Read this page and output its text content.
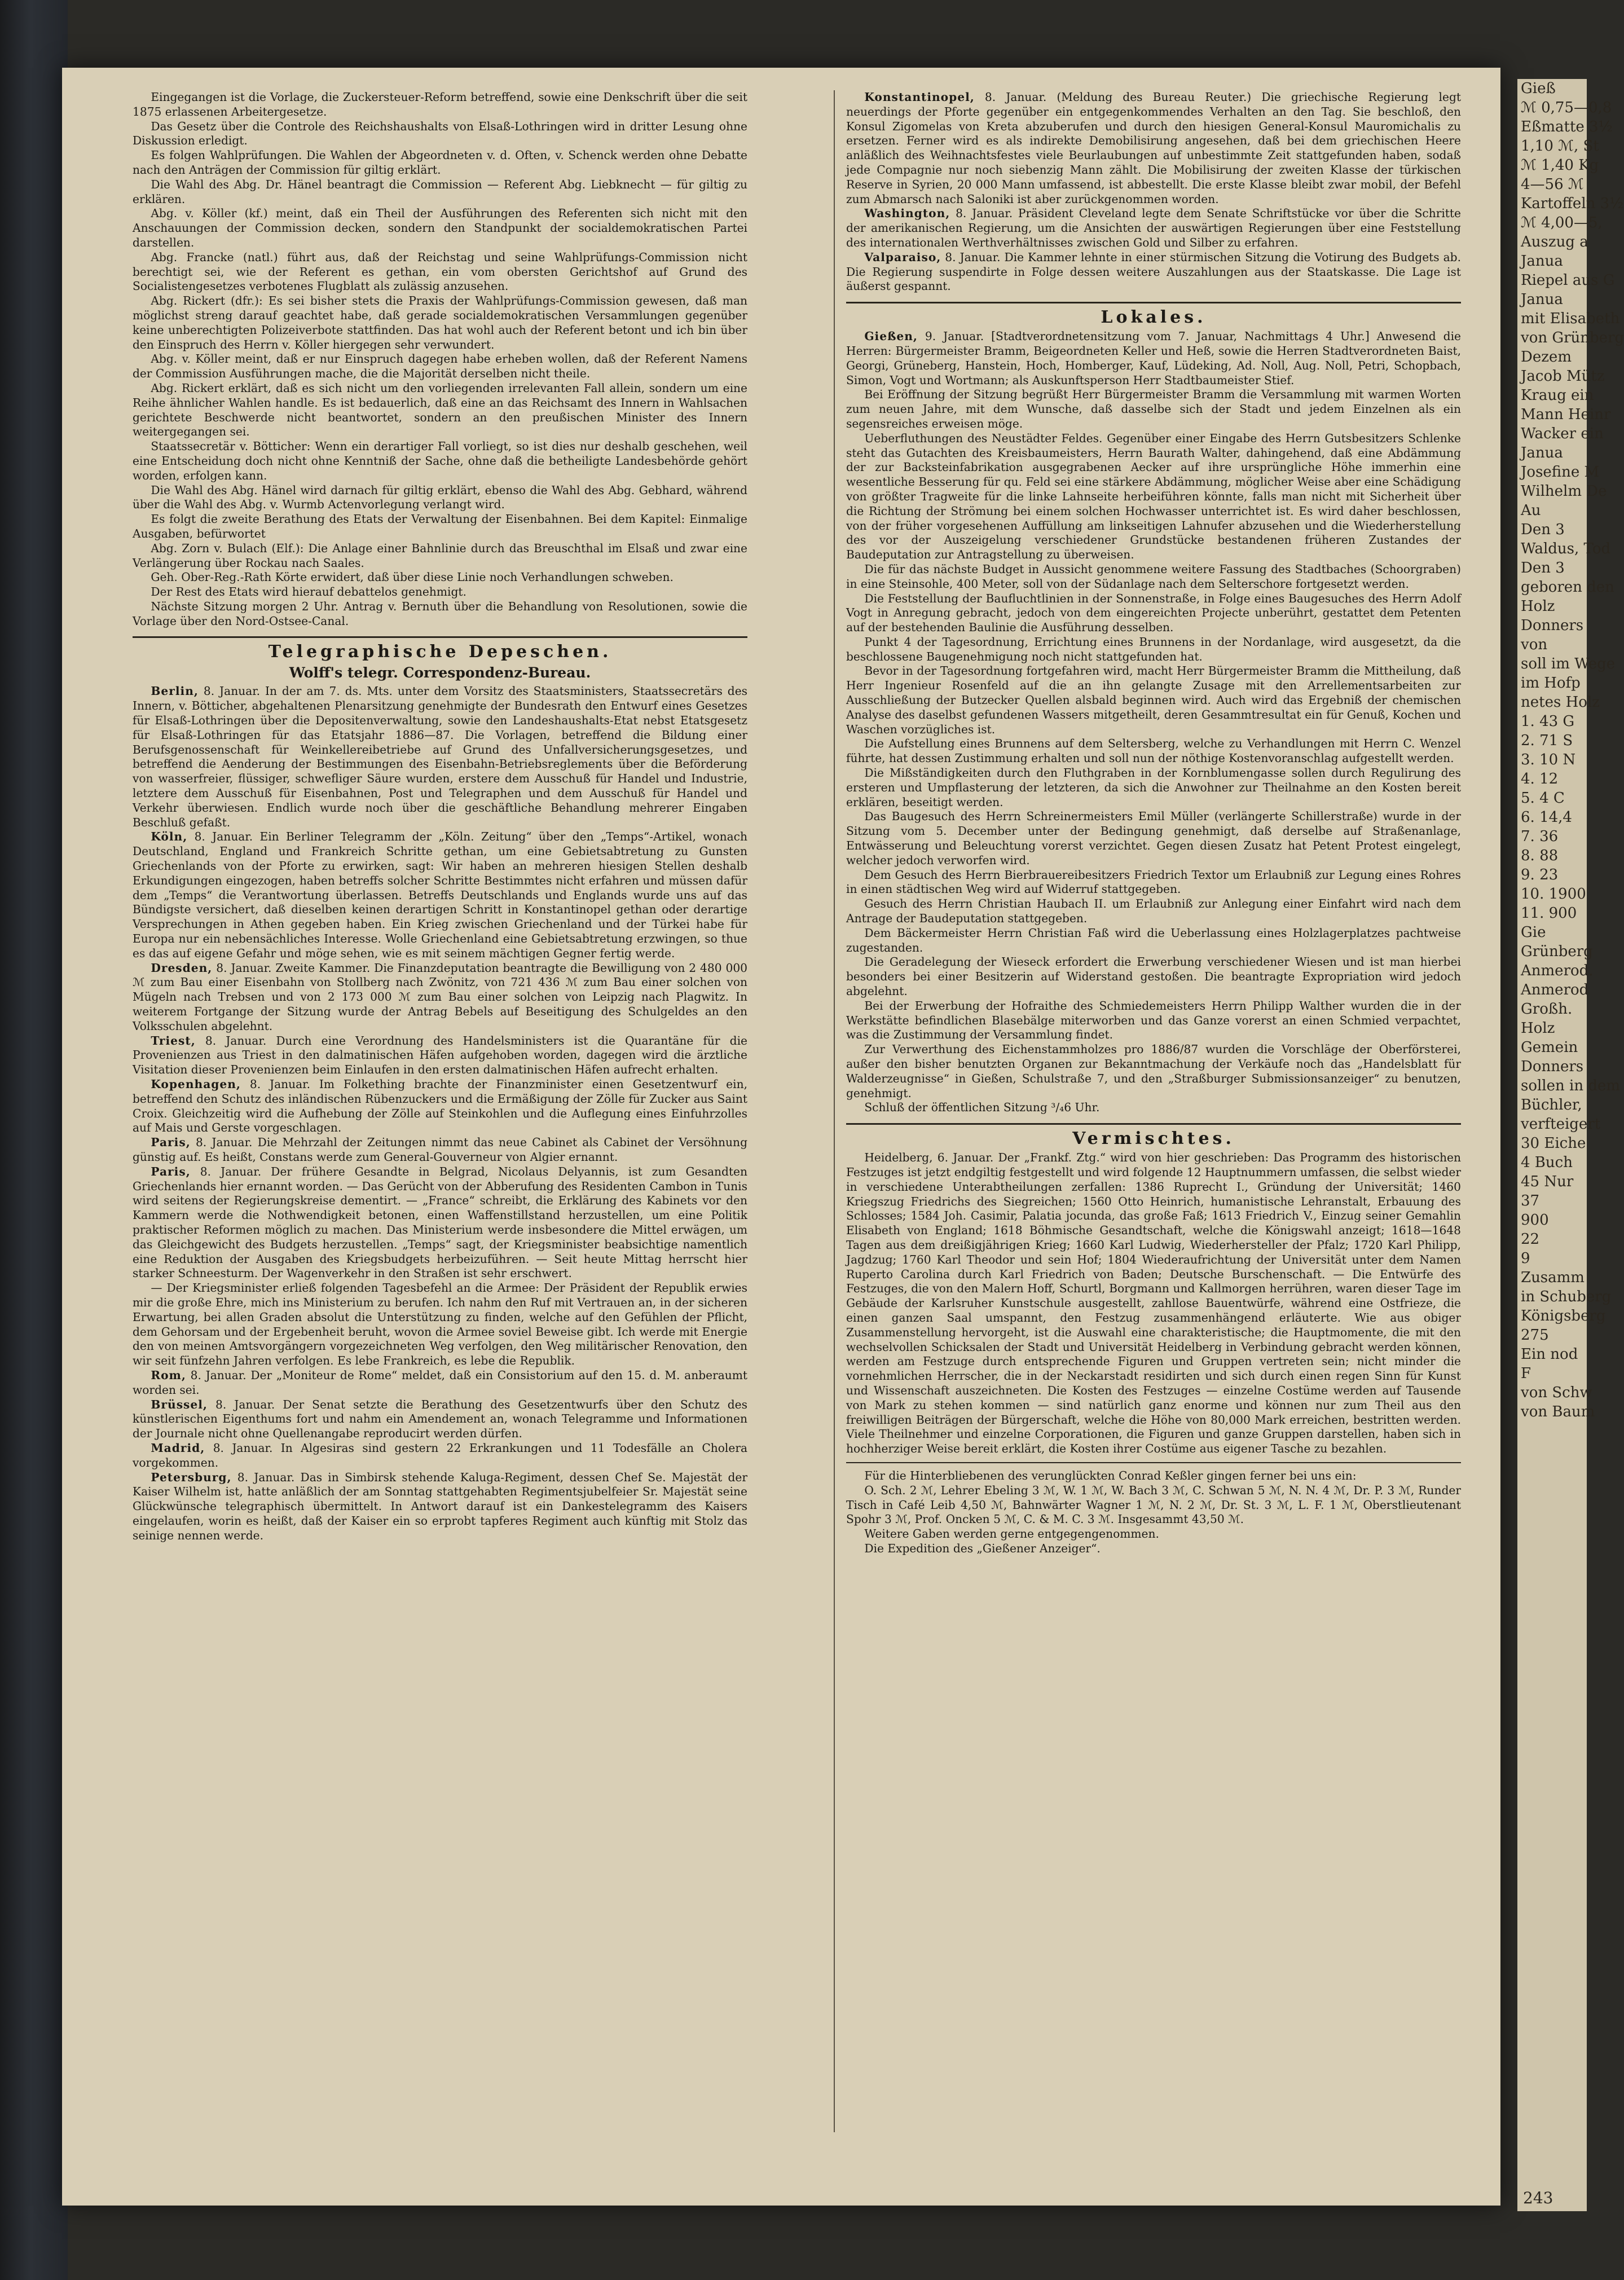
Gieß
ℳ 0,75—0,8
Eßmatte 3½
1,10 ℳ, St
ℳ 1,40 Kg
4—56 ℳ
Kartoffeln 3½
ℳ 4,00—5,
Auszug a
Janua
Riepel aus G
Janua
mit Elisabeth
von Grünberg
Dezem
Jacob Mütz
Kraug ein
Mann Heinr
Wacker ein
Janua
Josefine M
Wilhelm De
Au
Den 3
Waldus, Tod
Den 3
geboren den
Holz
Donners
von
soll im Wege
im Hofp
netes Holz
1. 43 G
2. 71 S
3. 10 N
4. 12
5. 4 C
6. 14,4
7. 36
8. 88
9. 23
10. 1900
11. 900
Gie
Grünberg
Anmerod.
Anmerod
Großh.
Holz
Gemein
Donners
sollen in dem
Büchler,
verfteigert
30 Eiche
4 Buch
45 Nur
37
900
22
9
Zusamm
in Schuberg
Königsberg
275
Ein nod
F
von Schw
von Baum

Eingegangen ist die Vorlage, die Zuckersteuer-Reform betreffend, sowie eine Denkschrift über die seit 1875 erlassenen Arbeitergesetze.

Das Gesetz über die Controle des Reichshaushalts von Elsaß-Lothringen wird in dritter Lesung ohne Diskussion erledigt.

Es folgen Wahlprüfungen. Die Wahlen der Abgeordneten v. d. Often, v. Schenck werden ohne Debatte nach den Anträgen der Commission für giltig erklärt.

Die Wahl des Abg. Dr. Hänel beantragt die Commission — Referent Abg. Liebknecht — für giltig zu erklären.

Abg. v. Köller (kf.) meint, daß ein Theil der Ausführungen des Referenten sich nicht mit den Anschauungen der Commission decken, sondern den Standpunkt der socialdemokratischen Partei darstellen.

Abg. Francke (natl.) führt aus, daß der Reichstag und seine Wahlprüfungs-Commission nicht berechtigt sei, wie der Referent es gethan, ein vom obersten Gerichtshof auf Grund des Socialistengesetzes verbotenes Flugblatt als zulässig anzusehen.

Abg. Rickert (dfr.): Es sei bisher stets die Praxis der Wahlprüfungs-Commission gewesen, daß man möglichst streng darauf geachtet habe, daß gerade socialdemokratischen Versammlungen gegenüber keine unberechtigten Polizeiverbote stattfinden. Das hat wohl auch der Referent betont und ich bin über den Einspruch des Herrn v. Köller hiergegen sehr verwundert.

Abg. v. Köller meint, daß er nur Einspruch dagegen habe erheben wollen, daß der Referent Namens der Commission Ausführungen mache, die die Majorität derselben nicht theile.

Abg. Rickert erklärt, daß es sich nicht um den vorliegenden irrelevanten Fall allein, sondern um eine Reihe ähnlicher Wahlen handle. Es ist bedauerlich, daß eine an das Reichsamt des Innern in Wahlsachen gerichtete Beschwerde nicht beantwortet, sondern an den preußischen Minister des Innern weitergegangen sei.

Staatssecretär v. Bötticher: Wenn ein derartiger Fall vorliegt, so ist dies nur deshalb geschehen, weil eine Entscheidung doch nicht ohne Kenntniß der Sache, ohne daß die betheiligte Landesbehörde gehört worden, erfolgen kann.

Die Wahl des Abg. Hänel wird darnach für giltig erklärt, ebenso die Wahl des Abg. Gebhard, während über die Wahl des Abg. v. Wurmb Actenvorlegung verlangt wird.

Es folgt die zweite Berathung des Etats der Verwaltung der Eisenbahnen. Bei dem Kapitel: Einmalige Ausgaben, befürwortet

Abg. Zorn v. Bulach (Elf.): Die Anlage einer Bahnlinie durch das Breuschthal im Elsaß und zwar eine Verlängerung über Rockau nach Saales.

Geh. Ober-Reg.-Rath Körte erwidert, daß über diese Linie noch Verhandlungen schweben.

Der Rest des Etats wird hierauf debattelos genehmigt.

Nächste Sitzung morgen 2 Uhr. Antrag v. Bernuth über die Behandlung von Resolutionen, sowie die Vorlage über den Nord-Ostsee-Canal.

Telegraphische Depeschen.
Wolff's telegr. Correspondenz-Bureau.

Berlin, 8. Januar. In der am 7. ds. Mts. unter dem Vorsitz des Staatsministers, Staatssecretärs des Innern, v. Bötticher, abgehaltenen Plenarsitzung genehmigte der Bundesrath den Entwurf eines Gesetzes für Elsaß-Lothringen über die Depositenverwaltung, sowie den Landeshaushalts-Etat nebst Etatsgesetz für Elsaß-Lothringen für das Etatsjahr 1886—87. Die Vorlagen, betreffend die Bildung einer Berufsgenossenschaft für Weinkellereibetriebe auf Grund des Unfallversicherungsgesetzes, und betreffend die Aenderung der Bestimmungen des Eisenbahn-Betriebsreglements über die Beförderung von wasserfreier, flüssiger, schwefliger Säure wurden, erstere dem Ausschuß für Handel und Industrie, letztere dem Ausschuß für Eisenbahnen, Post und Telegraphen und dem Ausschuß für Handel und Verkehr überwiesen. Endlich wurde noch über die geschäftliche Behandlung mehrerer Eingaben Beschluß gefaßt.

Köln, 8. Januar. Ein Berliner Telegramm der „Köln. Zeitung“ über den „Temps“-Artikel, wonach Deutschland, England und Frankreich Schritte gethan, um eine Gebietsabtretung zu Gunsten Griechenlands von der Pforte zu erwirken, sagt: Wir haben an mehreren hiesigen Stellen deshalb Erkundigungen eingezogen, haben betreffs solcher Schritte Bestimmtes nicht erfahren und müssen dafür dem „Temps“ die Verantwortung überlassen. Betreffs Deutschlands und Englands wurde uns auf das Bündigste versichert, daß dieselben keinen derartigen Schritt in Konstantinopel gethan oder derartige Versprechungen in Athen gegeben haben. Ein Krieg zwischen Griechenland und der Türkei habe für Europa nur ein nebensächliches Interesse. Wolle Griechenland eine Gebietsabtretung erzwingen, so thue es das auf eigene Gefahr und möge sehen, wie es mit seinem mächtigen Gegner fertig werde.

Dresden, 8. Januar. Zweite Kammer. Die Finanzdeputation beantragte die Bewilligung von 2 480 000 ℳ zum Bau einer Eisenbahn von Stollberg nach Zwönitz, von 721 436 ℳ zum Bau einer solchen von Mügeln nach Trebsen und von 2 173 000 ℳ zum Bau einer solchen von Leipzig nach Plagwitz. In weiterem Fortgange der Sitzung wurde der Antrag Bebels auf Beseitigung des Schulgeldes an den Volksschulen abgelehnt.

Triest, 8. Januar. Durch eine Verordnung des Handelsministers ist die Quarantäne für die Provenienzen aus Triest in den dalmatinischen Häfen aufgehoben worden, dagegen wird die ärztliche Visitation dieser Provenienzen beim Einlaufen in den ersten dalmatinischen Häfen aufrecht erhalten.

Kopenhagen, 8. Januar. Im Folkething brachte der Finanzminister einen Gesetzentwurf ein, betreffend den Schutz des inländischen Rübenzuckers und die Ermäßigung der Zölle für Zucker aus Saint Croix. Gleichzeitig wird die Aufhebung der Zölle auf Steinkohlen und die Auflegung eines Einfuhrzolles auf Mais und Gerste vorgeschlagen.

Paris, 8. Januar. Die Mehrzahl der Zeitungen nimmt das neue Cabinet als Cabinet der Versöhnung günstig auf. Es heißt, Constans werde zum General-Gouverneur von Algier ernannt.

Paris, 8. Januar. Der frühere Gesandte in Belgrad, Nicolaus Delyannis, ist zum Gesandten Griechenlands hier ernannt worden. — Das Gerücht von der Abberufung des Residenten Cambon in Tunis wird seitens der Regierungskreise dementirt. — „France“ schreibt, die Erklärung des Kabinets vor den Kammern werde die Nothwendigkeit betonen, einen Waffenstillstand herzustellen, um eine Politik praktischer Reformen möglich zu machen. Das Ministerium werde insbesondere die Mittel erwägen, um das Gleichgewicht des Budgets herzustellen. „Temps“ sagt, der Kriegsminister beabsichtige namentlich eine Reduktion der Ausgaben des Kriegsbudgets herbeizuführen. — Seit heute Mittag herrscht hier starker Schneesturm. Der Wagenverkehr in den Straßen ist sehr erschwert.

— Der Kriegsminister erließ folgenden Tagesbefehl an die Armee: Der Präsident der Republik erwies mir die große Ehre, mich ins Ministerium zu berufen. Ich nahm den Ruf mit Vertrauen an, in der sicheren Erwartung, bei allen Graden absolut die Unterstützung zu finden, welche auf den Gefühlen der Pflicht, dem Gehorsam und der Ergebenheit beruht, wovon die Armee soviel Beweise gibt. Ich werde mit Energie den von meinen Amtsvorgängern vorgezeichneten Weg verfolgen, den Weg militärischer Renovation, den wir seit fünfzehn Jahren verfolgen. Es lebe Frankreich, es lebe die Republik.

Rom, 8. Januar. Der „Moniteur de Rome“ meldet, daß ein Consistorium auf den 15. d. M. anberaumt worden sei.

Brüssel, 8. Januar. Der Senat setzte die Berathung des Gesetzentwurfs über den Schutz des künstlerischen Eigenthums fort und nahm ein Amendement an, wonach Telegramme und Informationen der Journale nicht ohne Quellenangabe reproducirt werden dürfen.

Madrid, 8. Januar. In Algesiras sind gestern 22 Erkrankungen und 11 Todesfälle an Cholera vorgekommen.

Petersburg, 8. Januar. Das in Simbirsk stehende Kaluga-Regiment, dessen Chef Se. Majestät der Kaiser Wilhelm ist, hatte anläßlich der am Sonntag stattgehabten Regimentsjubelfeier Sr. Majestät seine Glückwünsche telegraphisch übermittelt. In Antwort darauf ist ein Dankestelegramm des Kaisers eingelaufen, worin es heißt, daß der Kaiser ein so erprobt tapferes Regiment auch künftig mit Stolz das seinige nennen werde.

Konstantinopel, 8. Januar. (Meldung des Bureau Reuter.) Die griechische Regierung legt neuerdings der Pforte gegenüber ein entgegenkommendes Verhalten an den Tag. Sie beschloß, den Konsul Zigomelas von Kreta abzuberufen und durch den hiesigen General-Konsul Mauromichalis zu ersetzen. Ferner wird es als indirekte Demobilisirung angesehen, daß bei dem griechischen Heere anläßlich des Weihnachtsfestes viele Beurlaubungen auf unbestimmte Zeit stattgefunden haben, sodaß jede Compagnie nur noch siebenzig Mann zählt. Die Mobilisirung der zweiten Klasse der türkischen Reserve in Syrien, 20 000 Mann umfassend, ist abbestellt. Die erste Klasse bleibt zwar mobil, der Befehl zum Abmarsch nach Saloniki ist aber zurückgenommen worden.

Washington, 8. Januar. Präsident Cleveland legte dem Senate Schriftstücke vor über die Schritte der amerikanischen Regierung, um die Ansichten der auswärtigen Regierungen über eine Feststellung des internationalen Werthverhältnisses zwischen Gold und Silber zu erfahren.

Valparaiso, 8. Januar. Die Kammer lehnte in einer stürmischen Sitzung die Votirung des Budgets ab. Die Regierung suspendirte in Folge dessen weitere Auszahlungen aus der Staatskasse. Die Lage ist äußerst gespannt.

Lokales.

Gießen, 9. Januar. [Stadtverordnetensitzung vom 7. Januar, Nachmittags 4 Uhr.] Anwesend die Herren: Bürgermeister Bramm, Beigeordneten Keller und Heß, sowie die Herren Stadtverordneten Baist, Georgi, Grüneberg, Hanstein, Hoch, Homberger, Kauf, Lüdeking, Ad. Noll, Aug. Noll, Petri, Schopbach, Simon, Vogt und Wortmann; als Auskunftsperson Herr Stadtbaumeister Stief.

Bei Eröffnung der Sitzung begrüßt Herr Bürgermeister Bramm die Versammlung mit warmen Worten zum neuen Jahre, mit dem Wunsche, daß dasselbe sich der Stadt und jedem Einzelnen als ein segensreiches erweisen möge.

Ueberfluthungen des Neustädter Feldes. Gegenüber einer Eingabe des Herrn Gutsbesitzers Schlenke steht das Gutachten des Kreisbaumeisters, Herrn Baurath Walter, dahingehend, daß eine Abdämmung der zur Backsteinfabrikation ausgegrabenen Aecker auf ihre ursprüngliche Höhe immerhin eine wesentliche Besserung für qu. Feld sei eine stärkere Abdämmung, möglicher Weise aber eine Schädigung von größter Tragweite für die linke Lahnseite herbeiführen könnte, falls man nicht mit Sicherheit über die Richtung der Strömung bei einem solchen Hochwasser unterrichtet ist. Es wird daher beschlossen, von der früher vorgesehenen Auffüllung am linkseitigen Lahnufer abzusehen und die Wiederherstellung des vor der Auszeigelung verschiedener Grundstücke bestandenen früheren Zustandes der Baudeputation zur Antragstellung zu überweisen.

Die für das nächste Budget in Aussicht genommene weitere Fassung des Stadtbaches (Schoorgraben) in eine Steinsohle, 400 Meter, soll von der Südanlage nach dem Selterschore fortgesetzt werden.

Die Feststellung der Baufluchtlinien in der Sonnenstraße, in Folge eines Baugesuches des Herrn Adolf Vogt in Anregung gebracht, jedoch von dem eingereichten Projecte unberührt, gestattet dem Petenten auf der bestehenden Baulinie die Ausführung desselben.

Punkt 4 der Tagesordnung, Errichtung eines Brunnens in der Nordanlage, wird ausgesetzt, da die beschlossene Baugenehmigung noch nicht stattgefunden hat.

Bevor in der Tagesordnung fortgefahren wird, macht Herr Bürgermeister Bramm die Mittheilung, daß Herr Ingenieur Rosenfeld auf die an ihn gelangte Zusage mit den Arrellementsarbeiten zur Ausschließung der Butzecker Quellen alsbald beginnen wird. Auch wird das Ergebniß der chemischen Analyse des daselbst gefundenen Wassers mitgetheilt, deren Gesammtresultat ein für Genuß, Kochen und Waschen vorzügliches ist.

Die Aufstellung eines Brunnens auf dem Seltersberg, welche zu Verhandlungen mit Herrn C. Wenzel führte, hat dessen Zustimmung erhalten und soll nun der nöthige Kostenvoranschlag aufgestellt werden.

Die Mißständigkeiten durch den Fluthgraben in der Kornblumengasse sollen durch Regulirung des ersteren und Umpflasterung der letzteren, da sich die Anwohner zur Theilnahme an den Kosten bereit erklären, beseitigt werden.

Das Baugesuch des Herrn Schreinermeisters Emil Müller (verlängerte Schillerstraße) wurde in der Sitzung vom 5. December unter der Bedingung genehmigt, daß derselbe auf Straßenanlage, Entwässerung und Beleuchtung vorerst verzichtet. Gegen diesen Zusatz hat Petent Protest eingelegt, welcher jedoch verworfen wird.

Dem Gesuch des Herrn Bierbrauereibesitzers Friedrich Textor um Erlaubniß zur Legung eines Rohres in einen städtischen Weg wird auf Widerruf stattgegeben.

Gesuch des Herrn Christian Haubach II. um Erlaubniß zur Anlegung einer Einfahrt wird nach dem Antrage der Baudeputation stattgegeben.

Dem Bäckermeister Herrn Christian Faß wird die Ueberlassung eines Holzlagerplatzes pachtweise zugestanden.

Die Geradelegung der Wieseck erfordert die Erwerbung verschiedener Wiesen und ist man hierbei besonders bei einer Besitzerin auf Widerstand gestoßen. Die beantragte Expropriation wird jedoch abgelehnt.

Bei der Erwerbung der Hofraithe des Schmiedemeisters Herrn Philipp Walther wurden die in der Werkstätte befindlichen Blasebälge miterworben und das Ganze vorerst an einen Schmied verpachtet, was die Zustimmung der Versammlung findet.

Zur Verwerthung des Eichenstammholzes pro 1886/87 wurden die Vorschläge der Oberförsterei, außer den bisher benutzten Organen zur Bekanntmachung der Verkäufe noch das „Handelsblatt für Walderzeugnisse“ in Gießen, Schulstraße 7, und den „Straßburger Submissionsanzeiger“ zu benutzen, genehmigt.

Schluß der öffentlichen Sitzung ³/₄6 Uhr.

Vermischtes.

Heidelberg, 6. Januar. Der „Frankf. Ztg.“ wird von hier geschrieben: Das Programm des historischen Festzuges ist jetzt endgiltig festgestellt und wird folgende 12 Hauptnummern umfassen, die selbst wieder in verschiedene Unterabtheilungen zerfallen: 1386 Ruprecht I., Gründung der Universität; 1460 Kriegszug Friedrichs des Siegreichen; 1560 Otto Heinrich, humanistische Lehranstalt, Erbauung des Schlosses; 1584 Joh. Casimir, Palatia jocunda, das große Faß; 1613 Friedrich V., Einzug seiner Gemahlin Elisabeth von England; 1618 Böhmische Gesandtschaft, welche die Königswahl anzeigt; 1618—1648 Tagen aus dem dreißigjährigen Krieg; 1660 Karl Ludwig, Wiederhersteller der Pfalz; 1720 Karl Philipp, Jagdzug; 1760 Karl Theodor und sein Hof; 1804 Wiederaufrichtung der Universität unter dem Namen Ruperto Carolina durch Karl Friedrich von Baden; Deutsche Burschenschaft. — Die Entwürfe des Festzuges, die von den Malern Hoff, Schurtl, Borgmann und Kallmorgen herrühren, waren dieser Tage im Gebäude der Karlsruher Kunstschule ausgestellt, zahllose Bauentwürfe, während eine Ostfrieze, die einen ganzen Saal umspannt, den Festzug zusammenhängend erläuterte. Wie aus obiger Zusammenstellung hervorgeht, ist die Auswahl eine charakteristische; die Hauptmomente, die mit den wechselvollen Schicksalen der Stadt und Universität Heidelberg in Verbindung gebracht werden können, werden am Festzuge durch entsprechende Figuren und Gruppen vertreten sein; nicht minder die vornehmlichen Herrscher, die in der Neckarstadt residirten und sich durch einen regen Sinn für Kunst und Wissenschaft auszeichneten. Die Kosten des Festzuges — einzelne Costüme werden auf Tausende von Mark zu stehen kommen — sind natürlich ganz enorme und können nur zum Theil aus den freiwilligen Beiträgen der Bürgerschaft, welche die Höhe von 80,000 Mark erreichen, bestritten werden. Viele Theilnehmer und einzelne Corporationen, die Figuren und ganze Gruppen darstellen, haben sich in hochherziger Weise bereit erklärt, die Kosten ihrer Costüme aus eigener Tasche zu bezahlen.

Für die Hinterbliebenen des verunglückten Conrad Keßler gingen ferner bei uns ein:

O. Sch. 2 ℳ, Lehrer Ebeling 3 ℳ, W. 1 ℳ, W. Bach 3 ℳ, C. Schwan 5 ℳ, N. N. 4 ℳ, Dr. P. 3 ℳ, Runder Tisch in Café Leib 4,50 ℳ, Bahnwärter Wagner 1 ℳ, N. 2 ℳ, Dr. St. 3 ℳ, L. F. 1 ℳ, Oberstlieutenant Spohr 3 ℳ, Prof. Oncken 5 ℳ, C. & M. C. 3 ℳ. Insgesammt 43,50 ℳ.

Weitere Gaben werden gerne entgegengenommen.

Die Expedition des „Gießener Anzeiger“.

243
